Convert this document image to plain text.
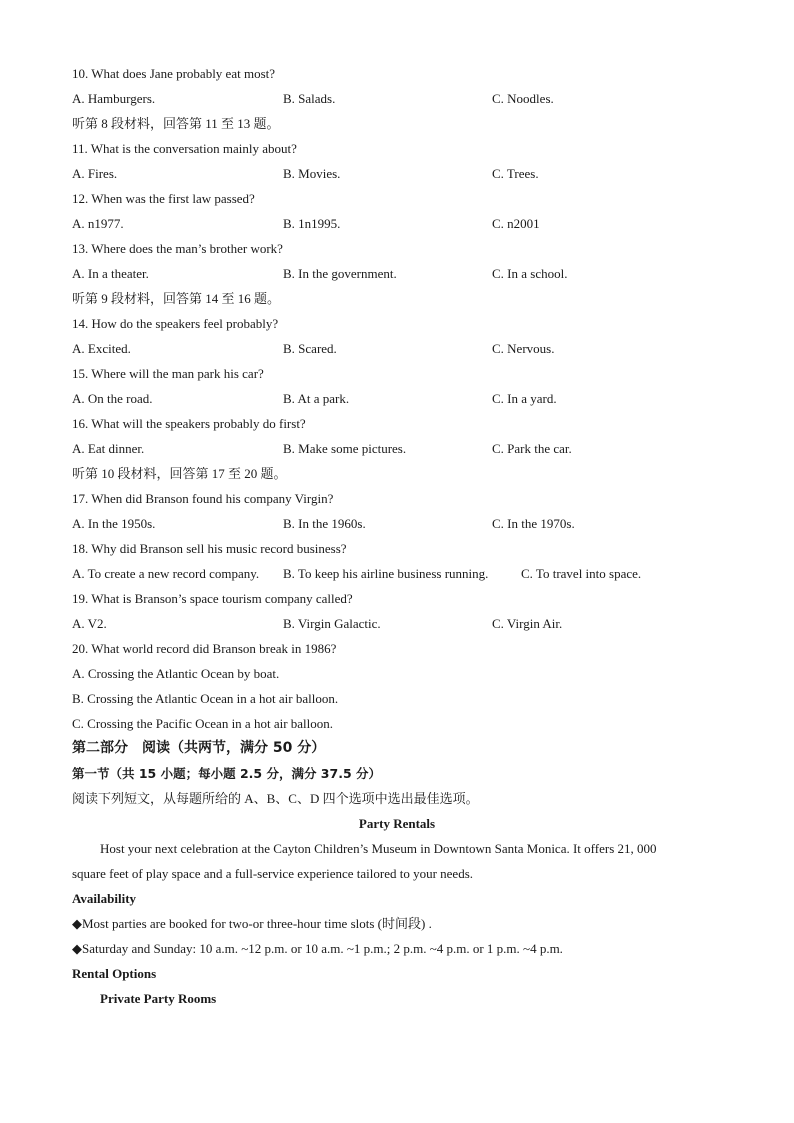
10. What does Jane probably eat most?
A. Hamburgers.	B. Salads.	C. Noodles.
听第 8 段材料，回答第 11 至 13 题。
11. What is the conversation mainly about?
A. Fires.	B. Movies.	C. Trees.
12. When was the first law passed?
A. n1977.	B. 1n1995.	C. n2001
13. Where does the man’s brother work?
A. In a theater.	B. In the government.	C. In a school.
听第 9 段材料，回答第 14 至 16 题。
14. How do the speakers feel probably?
A. Excited.	B. Scared.	C. Nervous.
15. Where will the man park his car?
A. On the road.	B. At a park.	C. In a yard.
16. What will the speakers probably do first?
A. Eat dinner.	B. Make some pictures.	C. Park the car.
听第 10 段材料，回答第 17 至 20 题。
17. When did Branson found his company Virgin?
A. In the 1950s.	B. In the 1960s.	C. In the 1970s.
18. Why did Branson sell his music record business?
A. To create a new record company. B. To keep his airline business running.	C. To travel into space.
19. What is Branson’s space tourism company called?
A. V2.	B. Virgin Galactic.	C. Virgin Air.
20. What world record did Branson break in 1986?
A. Crossing the Atlantic Ocean by boat.
B. Crossing the Atlantic Ocean in a hot air balloon.
C. Crossing the Pacific Ocean in a hot air balloon.
第二部分　阅读（共两节，满分 50 分）
第一节（共 15 小题；每小题 2.5 分，满分 37.5 分）
阅读下列短文，从每题所给的 A、B、C、D 四个选项中选出最佳选项。
Party Rentals
Host your next celebration at the Cayton Children’s Museum in Downtown Santa Monica. It offers 21, 000
square feet of play space and a full-service experience tailored to your needs.
Availability
◆Most parties are booked for two-or three-hour time slots (时间段) .
◆Saturday and Sunday: 10 a.m. ~12 p.m. or 10 a.m. ~1 p.m.; 2 p.m. ~4 p.m. or 1 p.m. ~4 p.m.
Rental Options
Private Party Rooms
